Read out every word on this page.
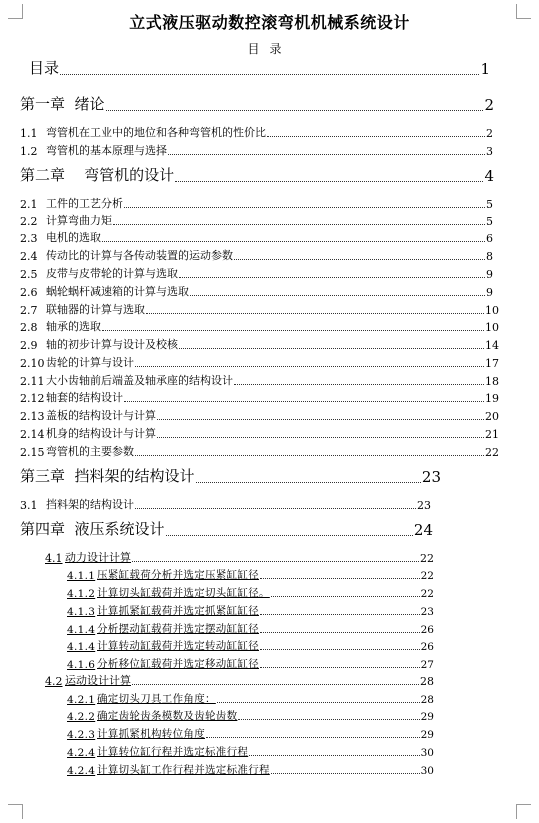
立式液压驱动数控滚弯机机械系统设计
目录
目录	1
第一章  绪论	2
1.1 弯管机在工业中的地位和各种弯管机的性价比	2
1.2 弯管机的基本原理与选择	3
第二章    弯管机的设计	4
2.1 工件的工艺分析	5
2.2 计算弯曲力矩	5
2.3 电机的选取	6
2.4 传动比的计算与各传动装置的运动参数	8
2.5 皮带与皮带轮的计算与选取	9
2.6 蜗轮蜗杆减速箱的计算与选取	9
2.7 联轴器的计算与选取	10
2.8 轴承的选取	10
2.9 轴的初步计算与设计及校核	14
2.10 齿轮的计算与设计	17
2.11 大小齿轴前后端盖及轴承座的结构设计	18
2.12 轴套的结构设计	19
2.13 盖板的结构设计与计算	20
2.14 机身的结构设计与计算	21
2.15 弯管机的主要参数	22
第三章  挡料架的结构设计	23
3.1 挡料架的结构设计	23
第四章  液压系统设计	24
4.1 动力设计计算	22
4.1.1 压紧缸载荷分析并选定压紧缸缸径	22
4.1.2 计算切头缸载荷并选定切头缸缸径。	22
4.1.3 计算抓紧缸载荷并选定抓紧缸缸径	23
4.1.4 分析摆动缸载荷并选定摆动缸缸径	26
4.1.4 计算转动缸载荷并选定转动缸缸径	26
4.1.6 分析移位缸载荷并选定移动缸缸径	27
4.2 运动设计计算	28
4.2.1 确定切头刀具工作角度：	28
4.2.2 确定齿轮齿条模数及齿轮齿数	29
4.2.3 计算抓紧机构转位角度	29
4.2.4 计算转位缸行程并选定标准行程	30
4.2.4 计算切头缸工作行程并选定标准行程	30
